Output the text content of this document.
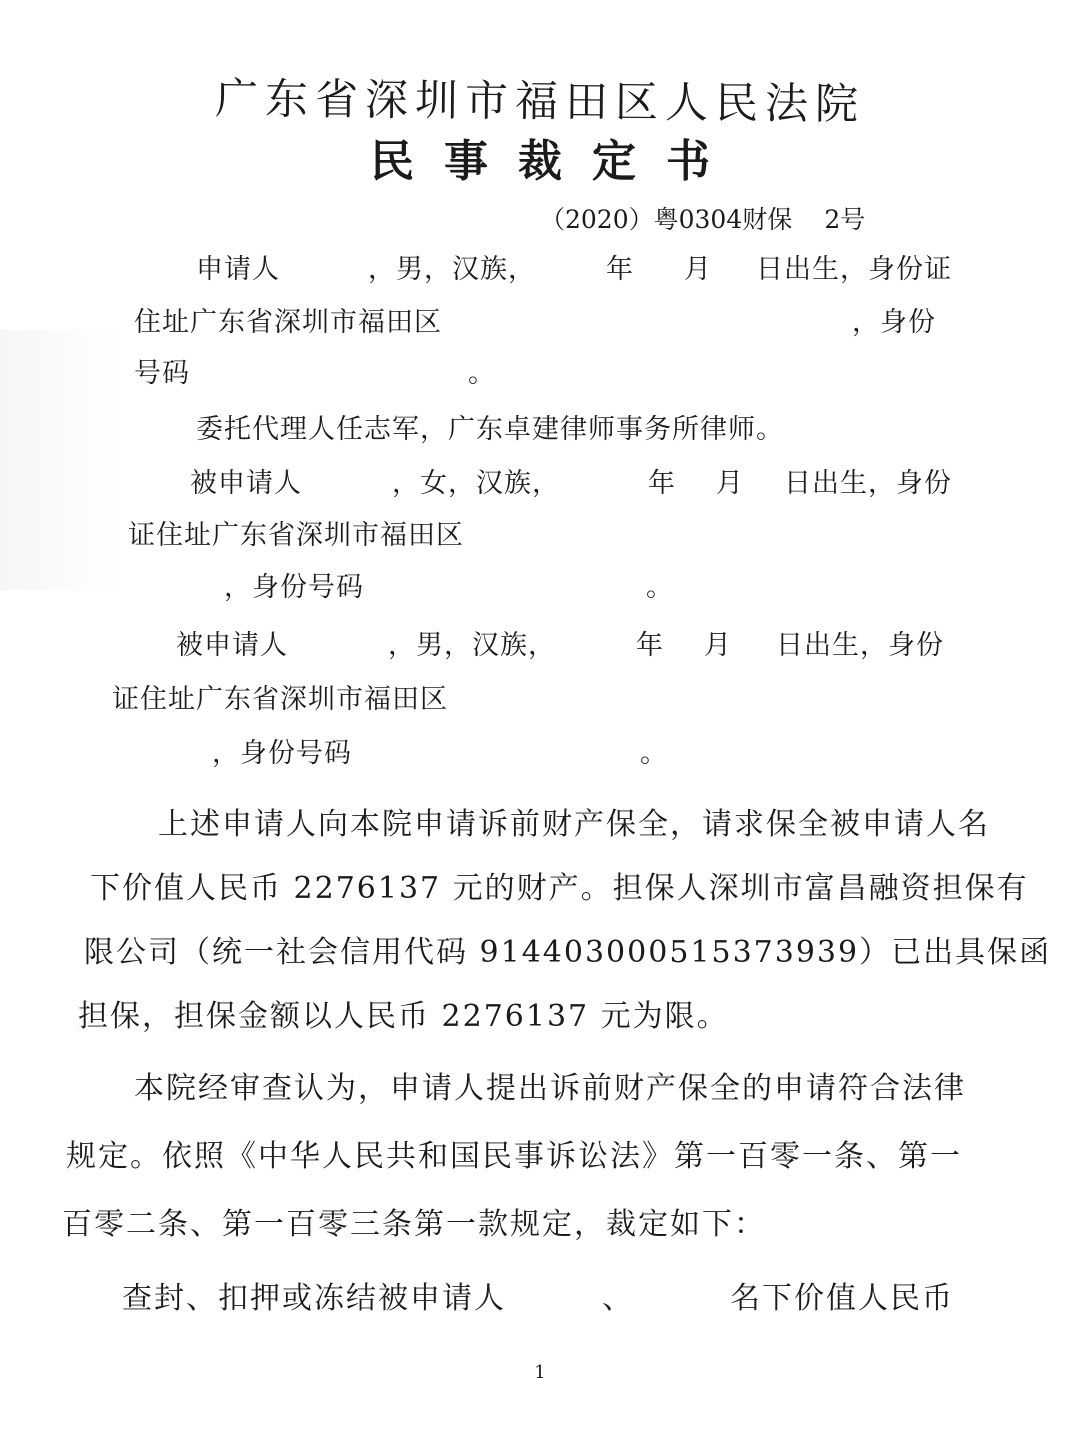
广东省深圳市福田区人民法院
民事裁定书
（2020）粤0304财保 2号
申请人	，男，汉族，	年 月 日出生，身份证
住址广东省深圳市福田区	，身份
号码	。
委托代理人任志军，广东卓建律师事务所律师。
被申请人	，女，汉族，	年 月 日出生，身份
证住址广东省深圳市福田区
，身份号码	。
被申请人	，男，汉族，	年 月 日出生，身份
证住址广东省深圳市福田区
，身份号码	。
上述申请人向本院申请诉前财产保全，请求保全被申请人名
下价值人民币 2276137 元的财产。担保人深圳市富昌融资担保有
限公司（统一社会信用代码 914403000515373939）已出具保函
担保，担保金额以人民币 2276137 元为限。
本院经审查认为，申请人提出诉前财产保全的申请符合法律
规定。依照《中华人民共和国民事诉讼法》第一百零一条、第一
百零二条、第一百零三条第一款规定，裁定如下：
查封、扣押或冻结被申请人	、	名下价值人民币
1
